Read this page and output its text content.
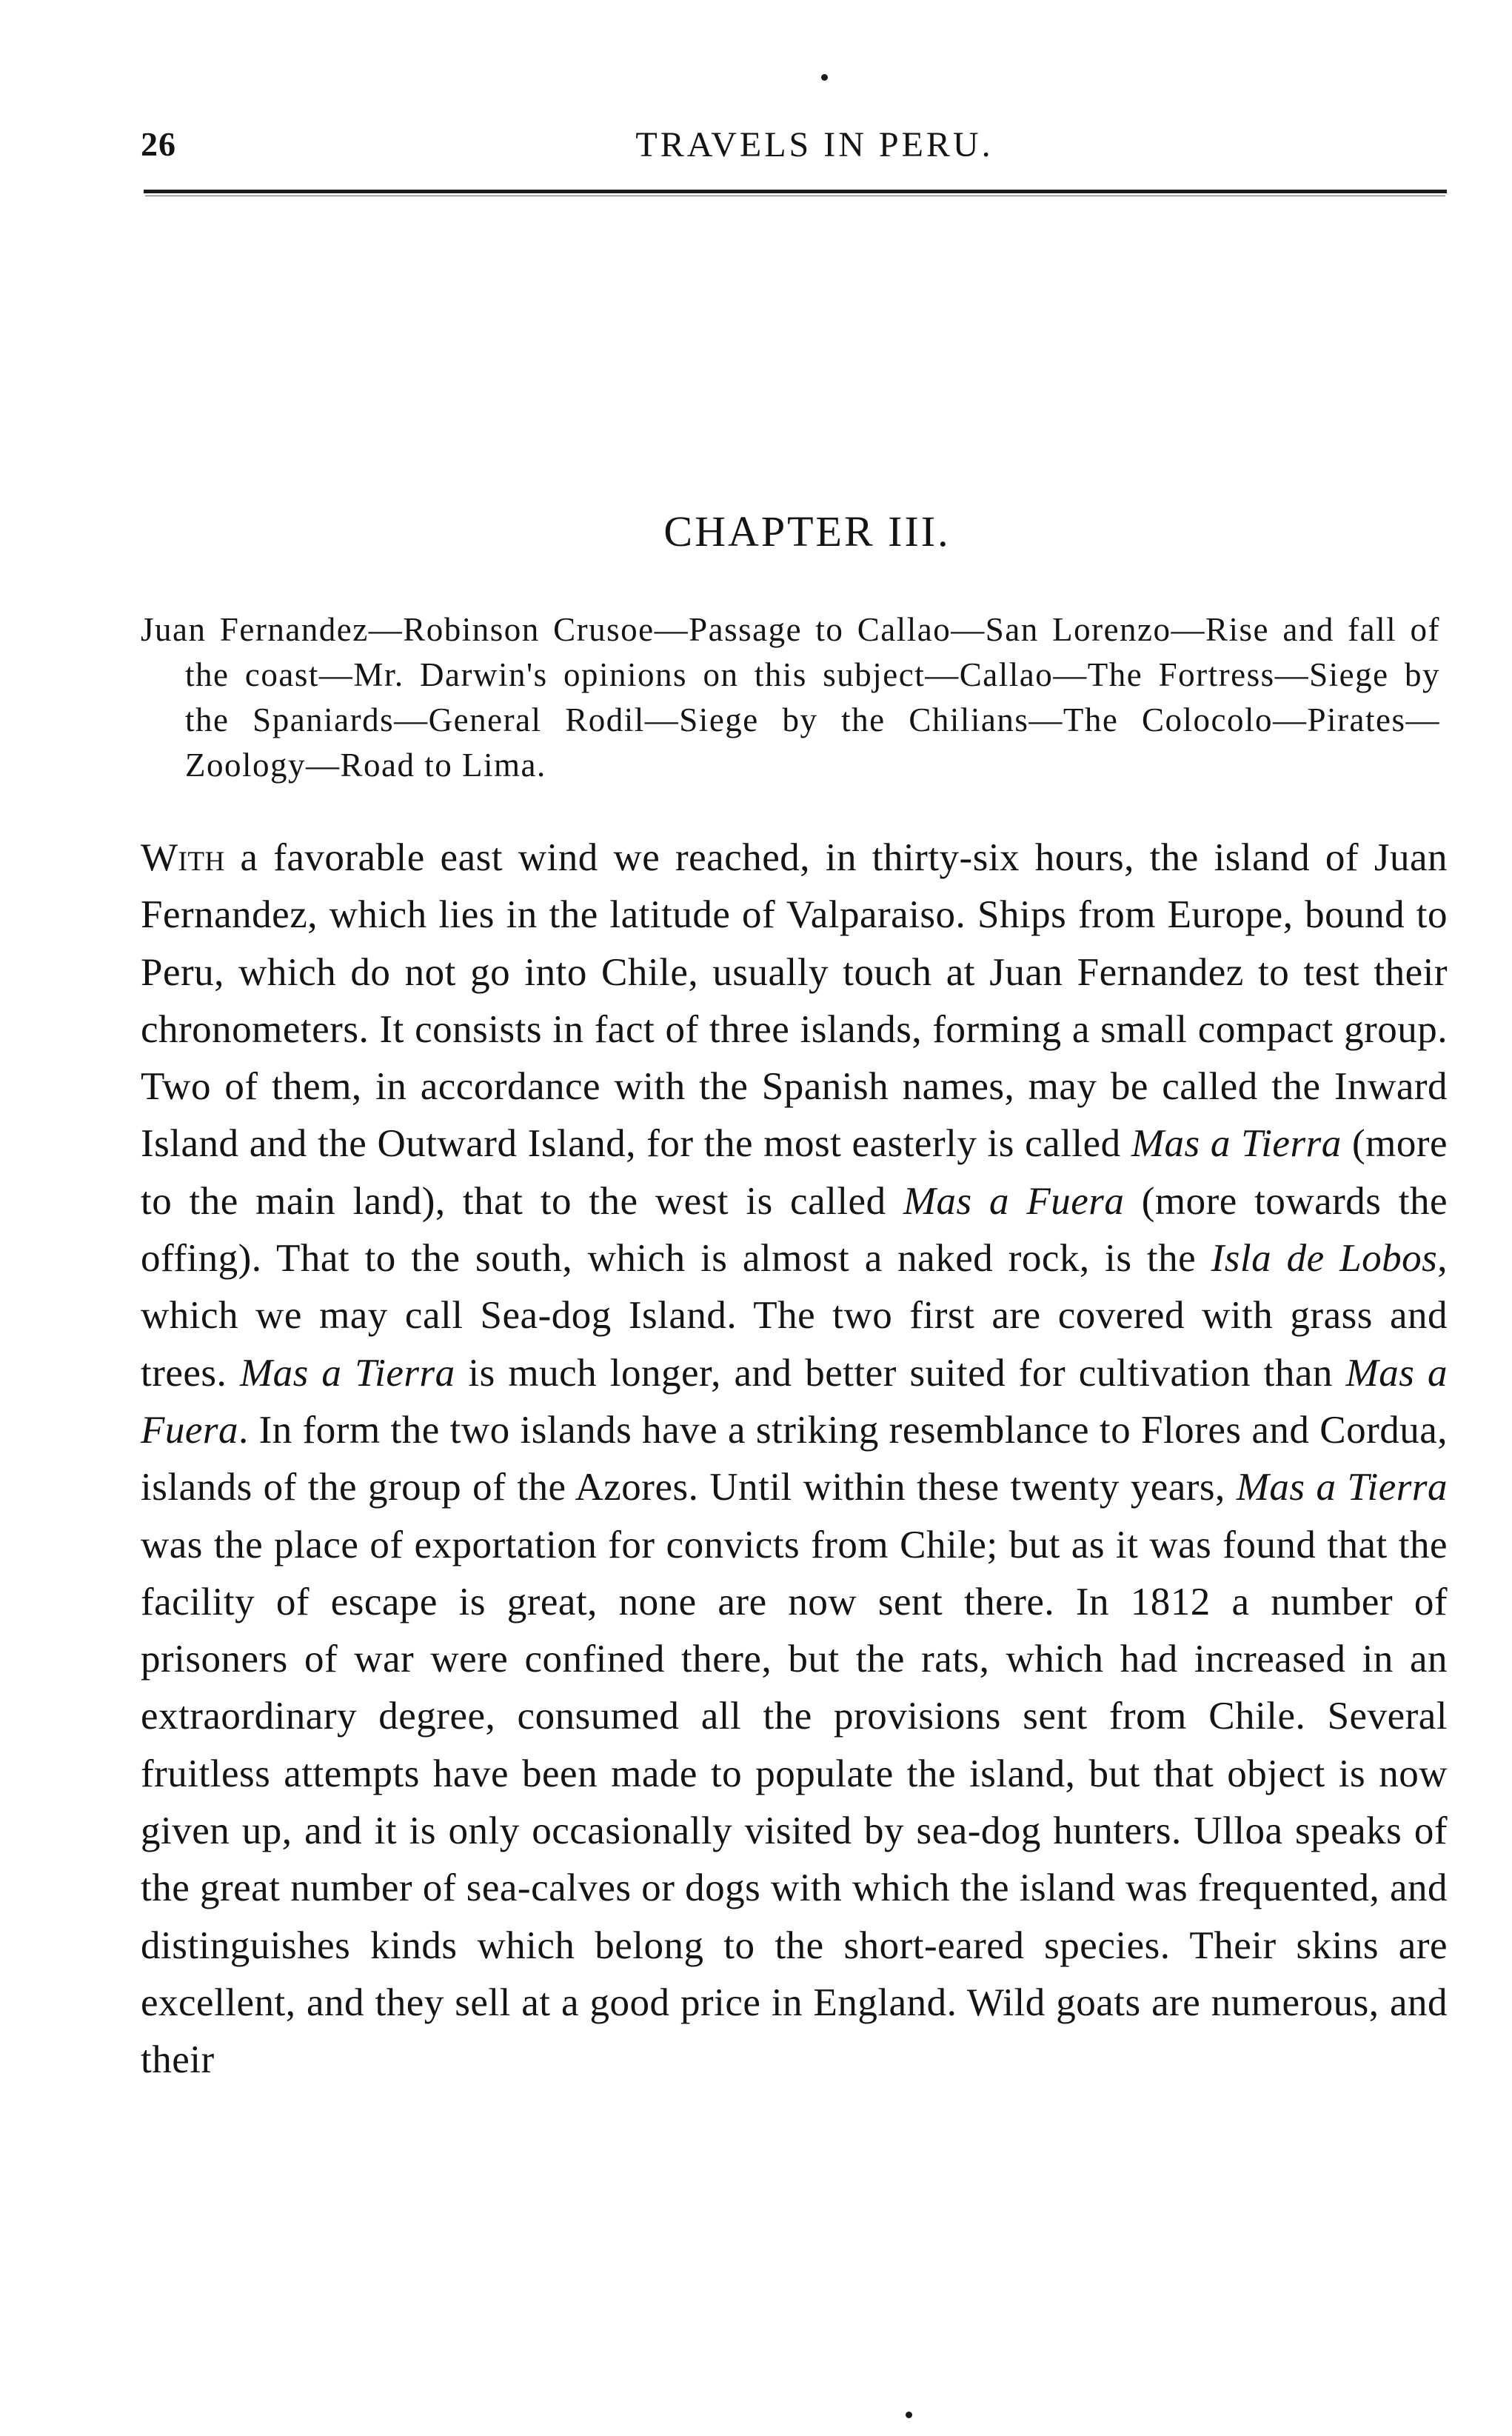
26	TRAVELS IN PERU.
CHAPTER III.
Juan Fernandez—Robinson Crusoe—Passage to Callao—San Lorenzo—Rise and fall of the coast—Mr. Darwin's opinions on this subject—Callao—The Fortress—Siege by the Spaniards—General Rodil—Siege by the Chilians—The Colocolo—Pirates—Zoology—Road to Lima.

With a favorable east wind we reached, in thirty-six hours, the island of Juan Fernandez, which lies in the latitude of Valparaiso. Ships from Europe, bound to Peru, which do not go into Chile, usually touch at Juan Fernandez to test their chronometers. It consists in fact of three islands, forming a small compact group. Two of them, in accordance with the Spanish names, may be called the Inward Island and the Outward Island, for the most easterly is called Mas a Tierra (more to the main land), that to the west is called Mas a Fuera (more towards the offing). That to the south, which is almost a naked rock, is the Isla de Lobos, which we may call Sea-dog Island. The two first are covered with grass and trees. Mas a Tierra is much longer, and better suited for cultivation than Mas a Fuera. In form the two islands have a striking resemblance to Flores and Cordua, islands of the group of the Azores. Until within these twenty years, Mas a Tierra was the place of exportation for convicts from Chile; but as it was found that the facility of escape is great, none are now sent there. In 1812 a number of prisoners of war were confined there, but the rats, which had increased in an extraordinary degree, consumed all the provisions sent from Chile. Several fruitless attempts have been made to populate the island, but that object is now given up, and it is only occasionally visited by sea-dog hunters. Ulloa speaks of the great number of sea-calves or dogs with which the island was frequented, and distinguishes kinds which belong to the short-eared species. Their skins are excellent, and they sell at a good price in England. Wild goats are numerous, and their
